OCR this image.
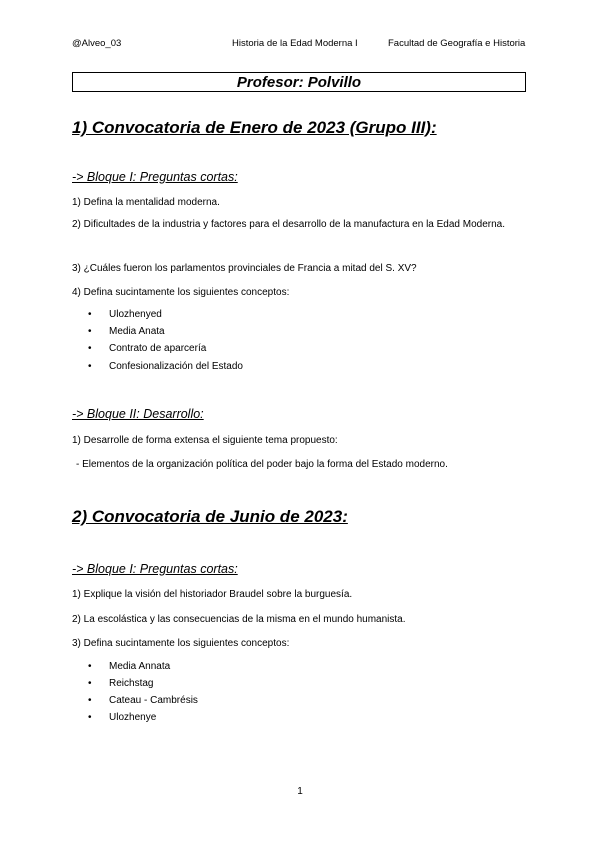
@Alveo_03	Historia de la Edad Moderna I	Facultad de Geografía e Historia
Profesor: Polvillo
1) Convocatoria de Enero de 2023 (Grupo III):
-> Bloque I: Preguntas cortas:
1) Defina la mentalidad moderna.
2) Dificultades de la industria y factores para el desarrollo de la manufactura en la Edad Moderna.
3) ¿Cuáles fueron los parlamentos provinciales de Francia a mitad del S. XV?
4) Defina sucintamente los siguientes conceptos:
• Ulozhenyed
• Media Anata
• Contrato de aparcería
• Confesionalización del Estado
-> Bloque II: Desarrollo:
1) Desarrolle de forma extensa el siguiente tema propuesto:
- Elementos de la organización política del poder bajo la forma del Estado moderno.
2) Convocatoria de Junio de 2023:
-> Bloque I: Preguntas cortas:
1) Explique la visión del historiador Braudel sobre la burguesía.
2) La escolástica y las consecuencias de la misma en el mundo humanista.
3) Defina sucintamente los siguientes conceptos:
• Media Annata
• Reichstag
• Cateau - Cambrésis
• Ulozhenye
1
